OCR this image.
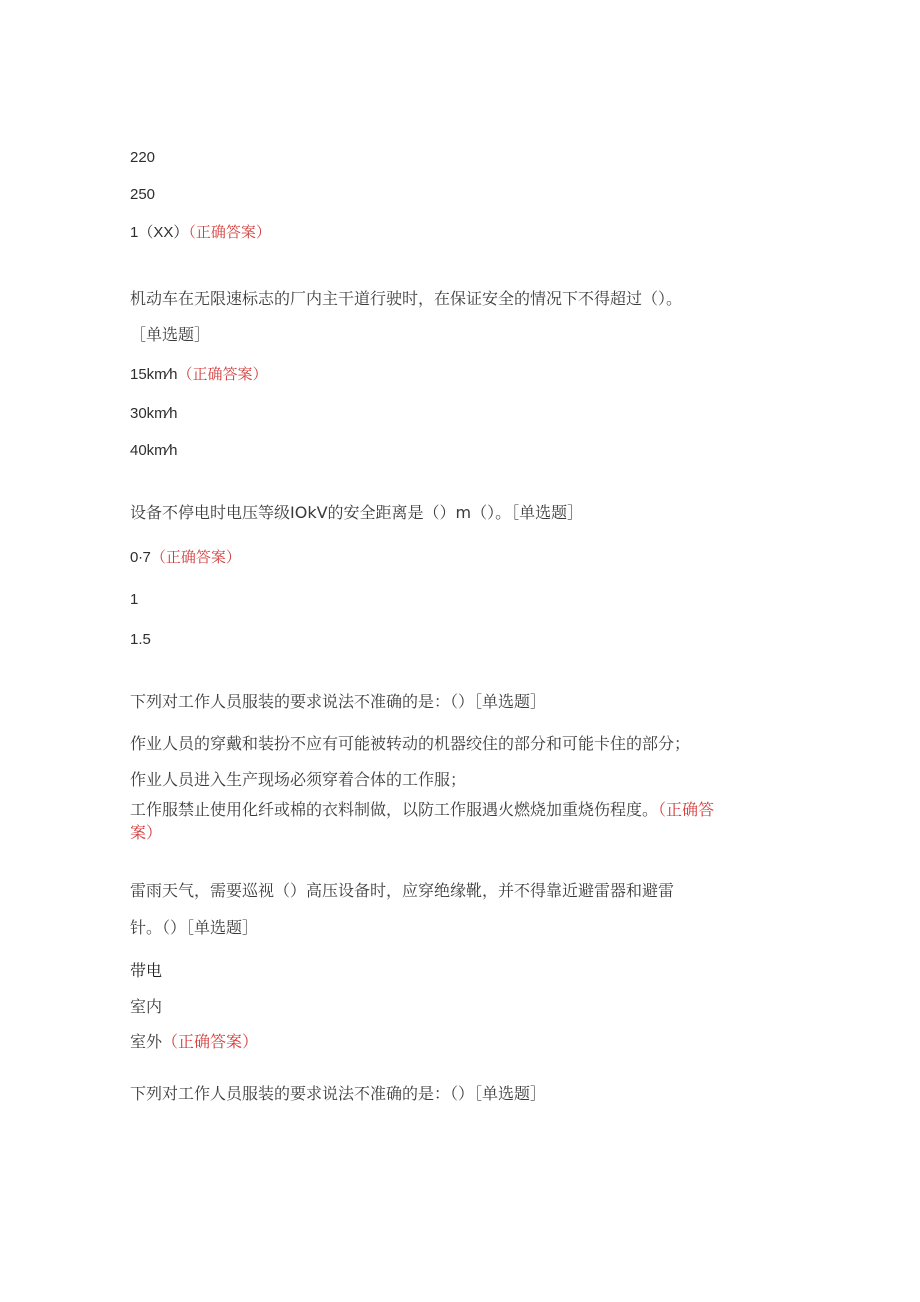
220
250
1（XX）（正确答案）
机动车在无限速标志的厂内主干道行驶时，在保证安全的情况下不得超过（）。
［单选题］
15km∕h（正确答案）
30km∕h
40km∕h
设备不停电时电压等级IOkV的安全距离是（）m（）。［单选题］
0∙7（正确答案）
1
1.5
下列对工作人员服装的要求说法不准确的是：（）［单选题］
作业人员的穿戴和装扮不应有可能被转动的机器绞住的部分和可能卡住的部分；
作业人员进入生产现场必须穿着合体的工作服；
工作服禁止使用化纤或棉的衣料制做，以防工作服遇火燃烧加重烧伤程度。（正确答
案）
雷雨天气，需要巡视（）高压设备时，应穿绝缘靴，并不得靠近避雷器和避雷
针。（）［单选题］
带电
室内
室外（正确答案）
下列对工作人员服装的要求说法不准确的是：（）［单选题］
